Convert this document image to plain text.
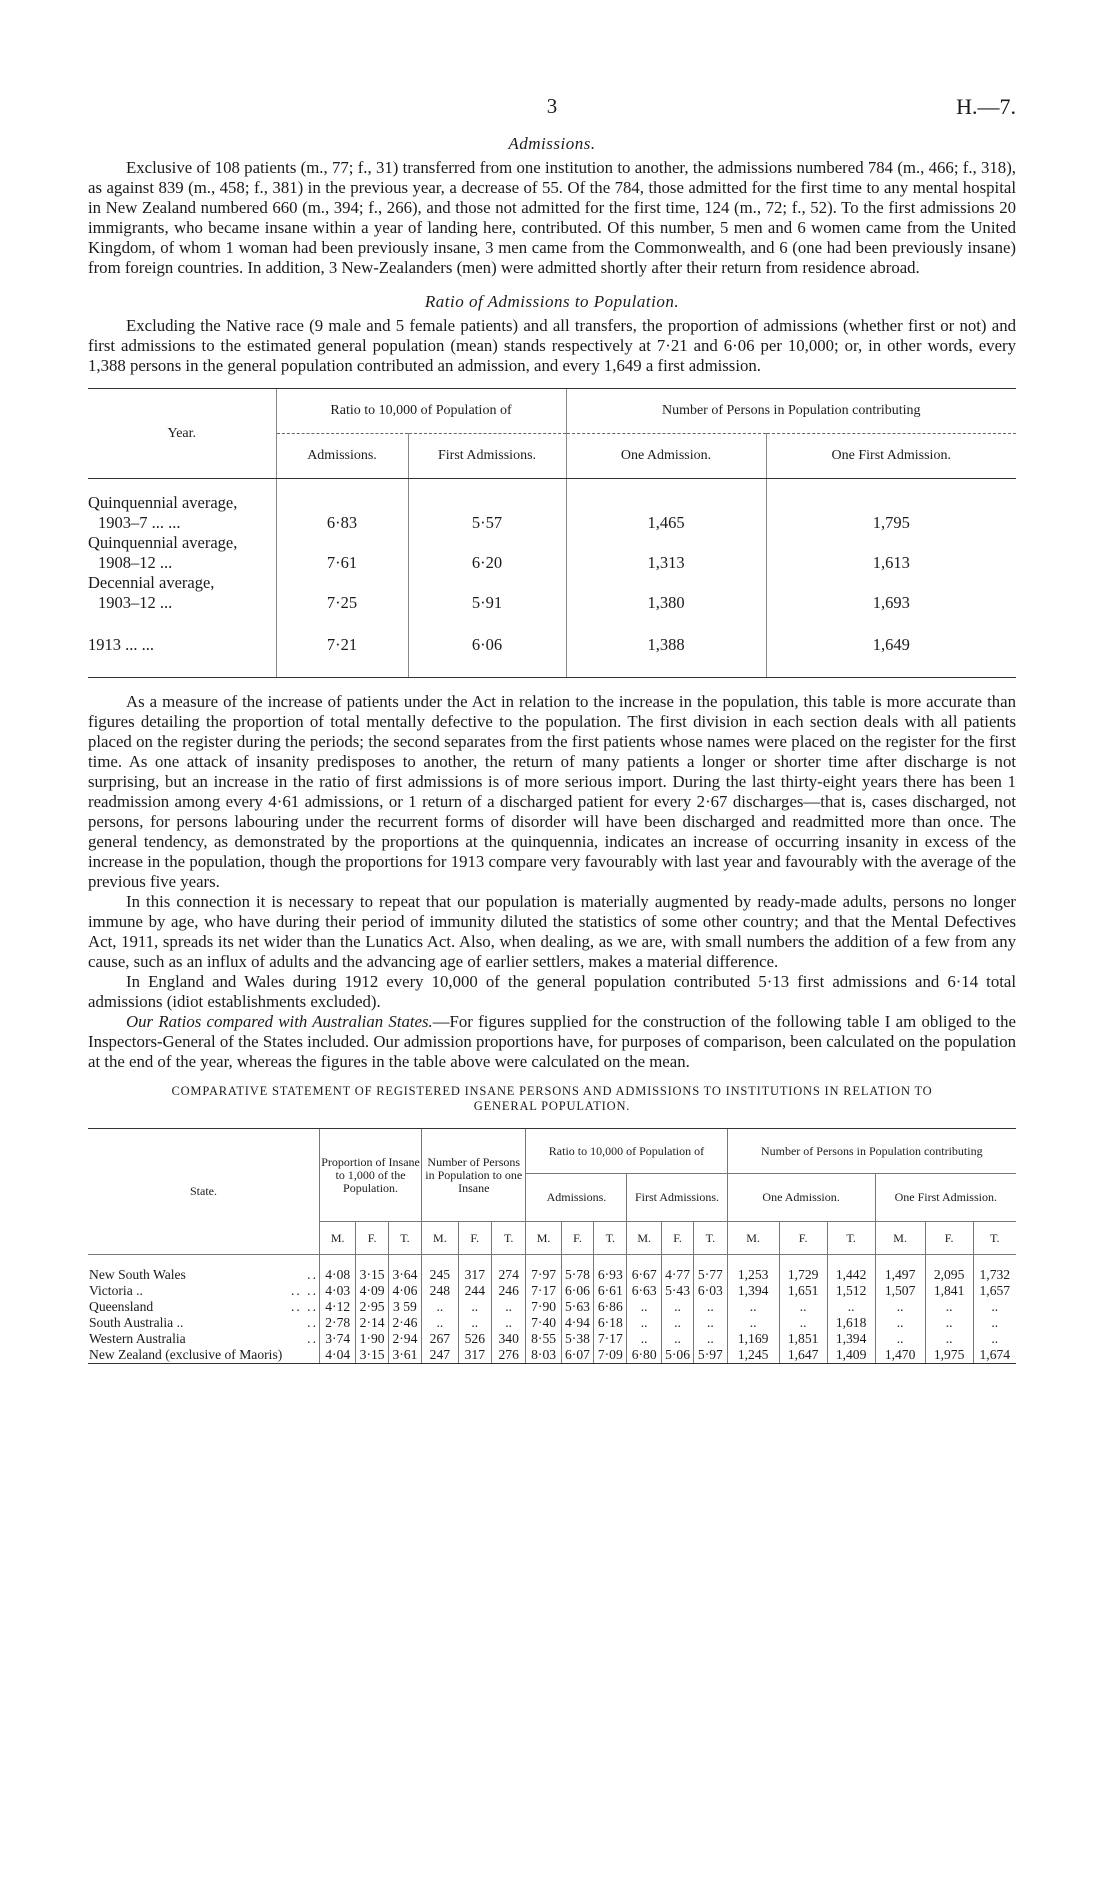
3	H.—7.
Admissions.

Exclusive of 108 patients (m., 77; f., 31) transferred from one institution to another, the admissions numbered 784 (m., 466; f., 318), as against 839 (m., 458; f., 381) in the previous year, a decrease of 55. Of the 784, those admitted for the first time to any mental hospital in New Zealand numbered 660 (m., 394; f., 266), and those not admitted for the first time, 124 (m., 72; f., 52). To the first admissions 20 immigrants, who became insane within a year of landing here, contributed. Of this number, 5 men and 6 women came from the United Kingdom, of whom 1 woman had been previously insane, 3 men came from the Commonwealth, and 6 (one had been previously insane) from foreign countries. In addition, 3 New-Zealanders (men) were admitted shortly after their return from residence abroad.

Ratio of Admissions to Population.

Excluding the Native race (9 male and 5 female patients) and all transfers, the proportion of admissions (whether first or not) and first admissions to the estimated general population (mean) stands respectively at 7·21 and 6·06 per 10,000; or, in other words, every 1,388 persons in the general population contributed an admission, and every 1,649 a first admission.

Year.	Ratio to 10,000 of Population of		Number of Persons in Population contributing	
	Admissions.	First Admissions.	One Admission.	One First Admission.

Quinquennial average,
1903–7 ... ...	6·83	5·57	1,465	1,795

Quinquennial average,
1908–12 ...	7·61	6·20	1,313	1,613

Decennial average,
1903–12 ...	7·25	5·91	1,380	1,693
1913 ... ...	7·21	6·06	1,388	1,649

As a measure of the increase of patients under the Act in relation to the increase in the population, this table is more accurate than figures detailing the proportion of total mentally defective to the population. The first division in each section deals with all patients placed on the register during the periods; the second separates from the first patients whose names were placed on the register for the first time. As one attack of insanity predisposes to another, the return of many patients a longer or shorter time after discharge is not surprising, but an increase in the ratio of first admissions is of more serious import. During the last thirty-eight years there has been 1 readmission among every 4·61 admissions, or 1 return of a discharged patient for every 2·67 discharges—that is, cases discharged, not persons, for persons labouring under the recurrent forms of disorder will have been discharged and readmitted more than once. The general tendency, as demonstrated by the proportions at the quinquennia, indicates an increase of occurring insanity in excess of the increase in the population, though the proportions for 1913 compare very favourably with last year and favourably with the average of the previous five years.

In this connection it is necessary to repeat that our population is materially augmented by ready-made adults, persons no longer immune by age, who have during their period of immunity diluted the statistics of some other country; and that the Mental Defectives Act, 1911, spreads its net wider than the Lunatics Act. Also, when dealing, as we are, with small numbers the addition of a few from any cause, such as an influx of adults and the advancing age of earlier settlers, makes a material difference.

In England and Wales during 1912 every 10,000 of the general population contributed 5·13 first admissions and 6·14 total admissions (idiot establishments excluded).

Our Ratios compared with Australian States.—For figures supplied for the construction of the following table I am obliged to the Inspectors-General of the States included. Our admission proportions have, for purposes of comparison, been calculated on the population at the end of the year, whereas the figures in the table above were calculated on the mean.

COMPARATIVE STATEMENT OF REGISTERED INSANE PERSONS AND ADMISSIONS TO INSTITUTIONS IN RELATION TO
GENERAL POPULATION.
State.	Proportion of Insane to 1,000 of the Population.			Number of Persons in Population to one Insane			Ratio to 10,000 of Population of						Number of Persons in Population contributing					
							Admissions.			First Admissions.			One Admission.			One First Admission.		
	M.	F.	T.	M.	F.	T.	M.	F.	T.	M.	F.	T.	M.	F.	T.	M.	F.	T.

..
New South Wales	4·08	3·15	3·64	245	317	274	7·97	5·78	6·93	6·67	4·77	5·77	1,253	1,729	1,442	1,497	2,095	1,732

.. ..
Victoria ..	4·03	4·09	4·06	248	244	246	7·17	6·06	6·61	6·63	5·43	6·03	1,394	1,651	1,512	1,507	1,841	1,657

.. ..
Queensland	4·12	2·95	3 59	..	..	..	7·90	5·63	6·86	..	..	..	..	..	..	..	..	..

..
South Australia ..	2·78	2·14	2·46	..	..	..	7·40	4·94	6·18	..	..	..	..	..	1,618	..	..	..

..
Western Australia	3·74	1·90	2·94	267	526	340	8·55	5·38	7·17	..	..	..	1,169	1,851	1,394	..	..	..

New Zealand (exclusive of Maoris)	4·04	3·15	3·61	247	317	276	8·03	6·07	7·09	6·80	5·06	5·97	1,245	1,647	1,409	1,470	1,975	1,674
